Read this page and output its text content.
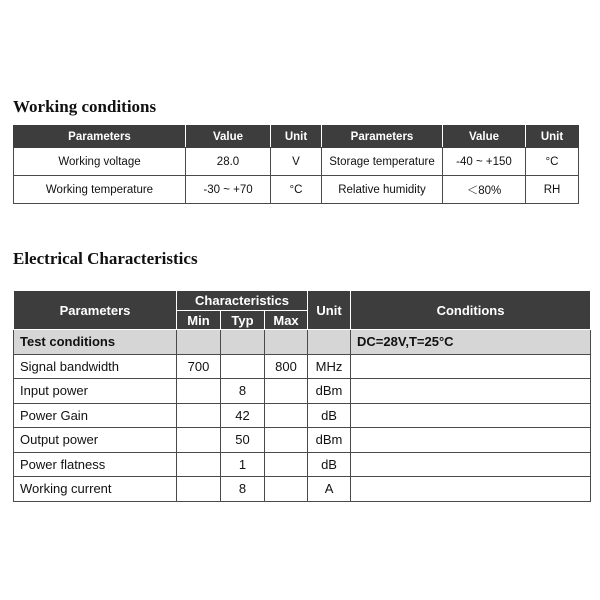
Working conditions
Parameters	Value	Unit	Parameters	Value	Unit
Working voltage	28.0	V	Storage temperature	-40 ~ +150	°C
Working temperature	-30 ~ +70	°C	Relative humidity	＜80%	RH
Electrical Characteristics
Parameters	Characteristics			Unit	Conditions
	Min	Typ	Max		
Test conditions					DC=28V,T=25°C
Signal bandwidth	700		800	MHz	
Input power		8		dBm	
Power Gain		42		dB	
Output power		50		dBm	
Power flatness		1		dB	
Working current		8		A	
